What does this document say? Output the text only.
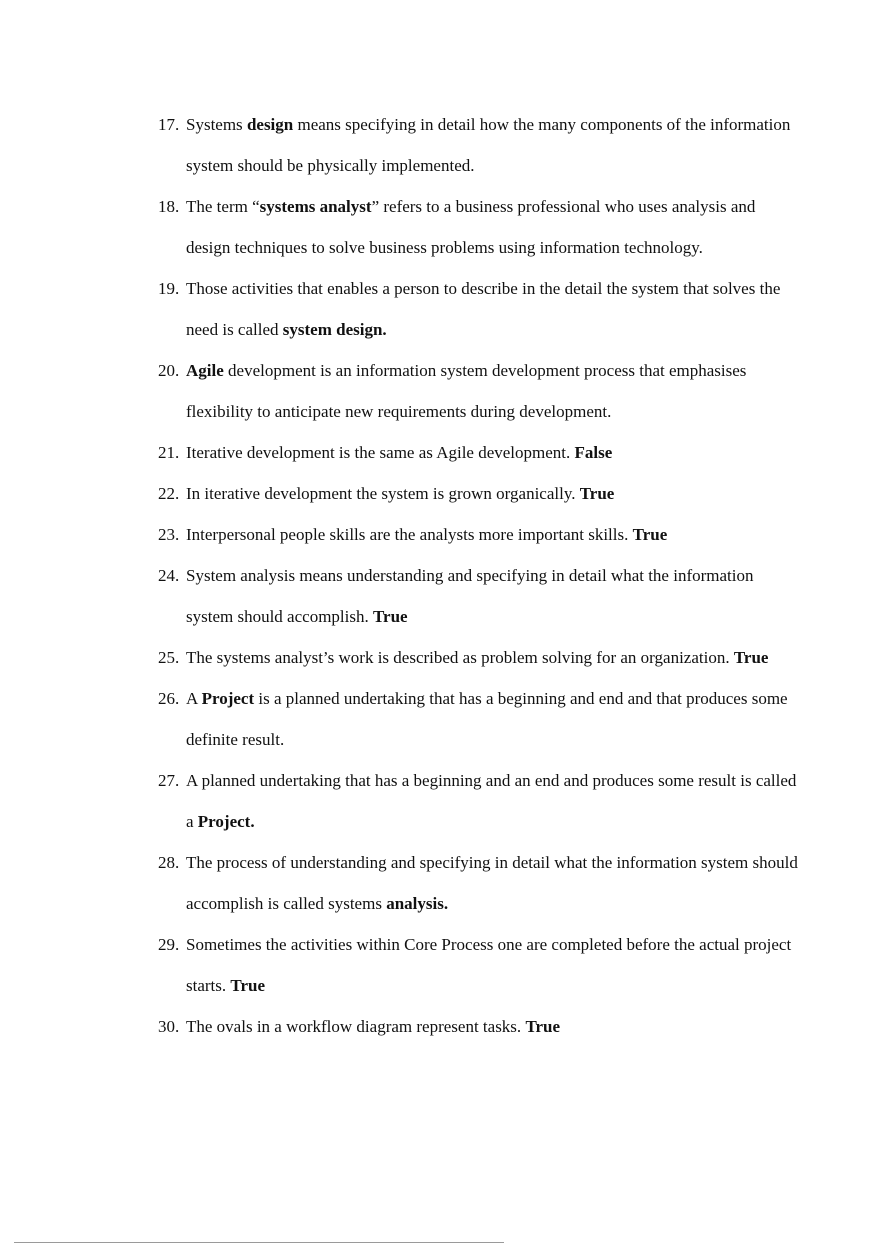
17. Systems design means specifying in detail how the many components of the information system should be physically implemented.
18. The term “systems analyst” refers to a business professional who uses analysis and design techniques to solve business problems using information technology.
19. Those activities that enables a person to describe in the detail the system that solves the need is called system design.
20. Agile development is an information system development process that emphasises flexibility to anticipate new requirements during development.
21. Iterative development is the same as Agile development. False
22. In iterative development the system is grown organically. True
23. Interpersonal people skills are the analysts more important skills. True
24. System analysis means understanding and specifying in detail what the information system should accomplish. True
25. The systems analyst’s work is described as problem solving for an organization. True
26. A Project is a planned undertaking that has a beginning and end and that produces some definite result.
27. A planned undertaking that has a beginning and an end and produces some result is called a Project.
28. The process of understanding and specifying in detail what the information system should accomplish is called systems analysis.
29. Sometimes the activities within Core Process one are completed before the actual project starts. True
30. The ovals in a workflow diagram represent tasks. True
